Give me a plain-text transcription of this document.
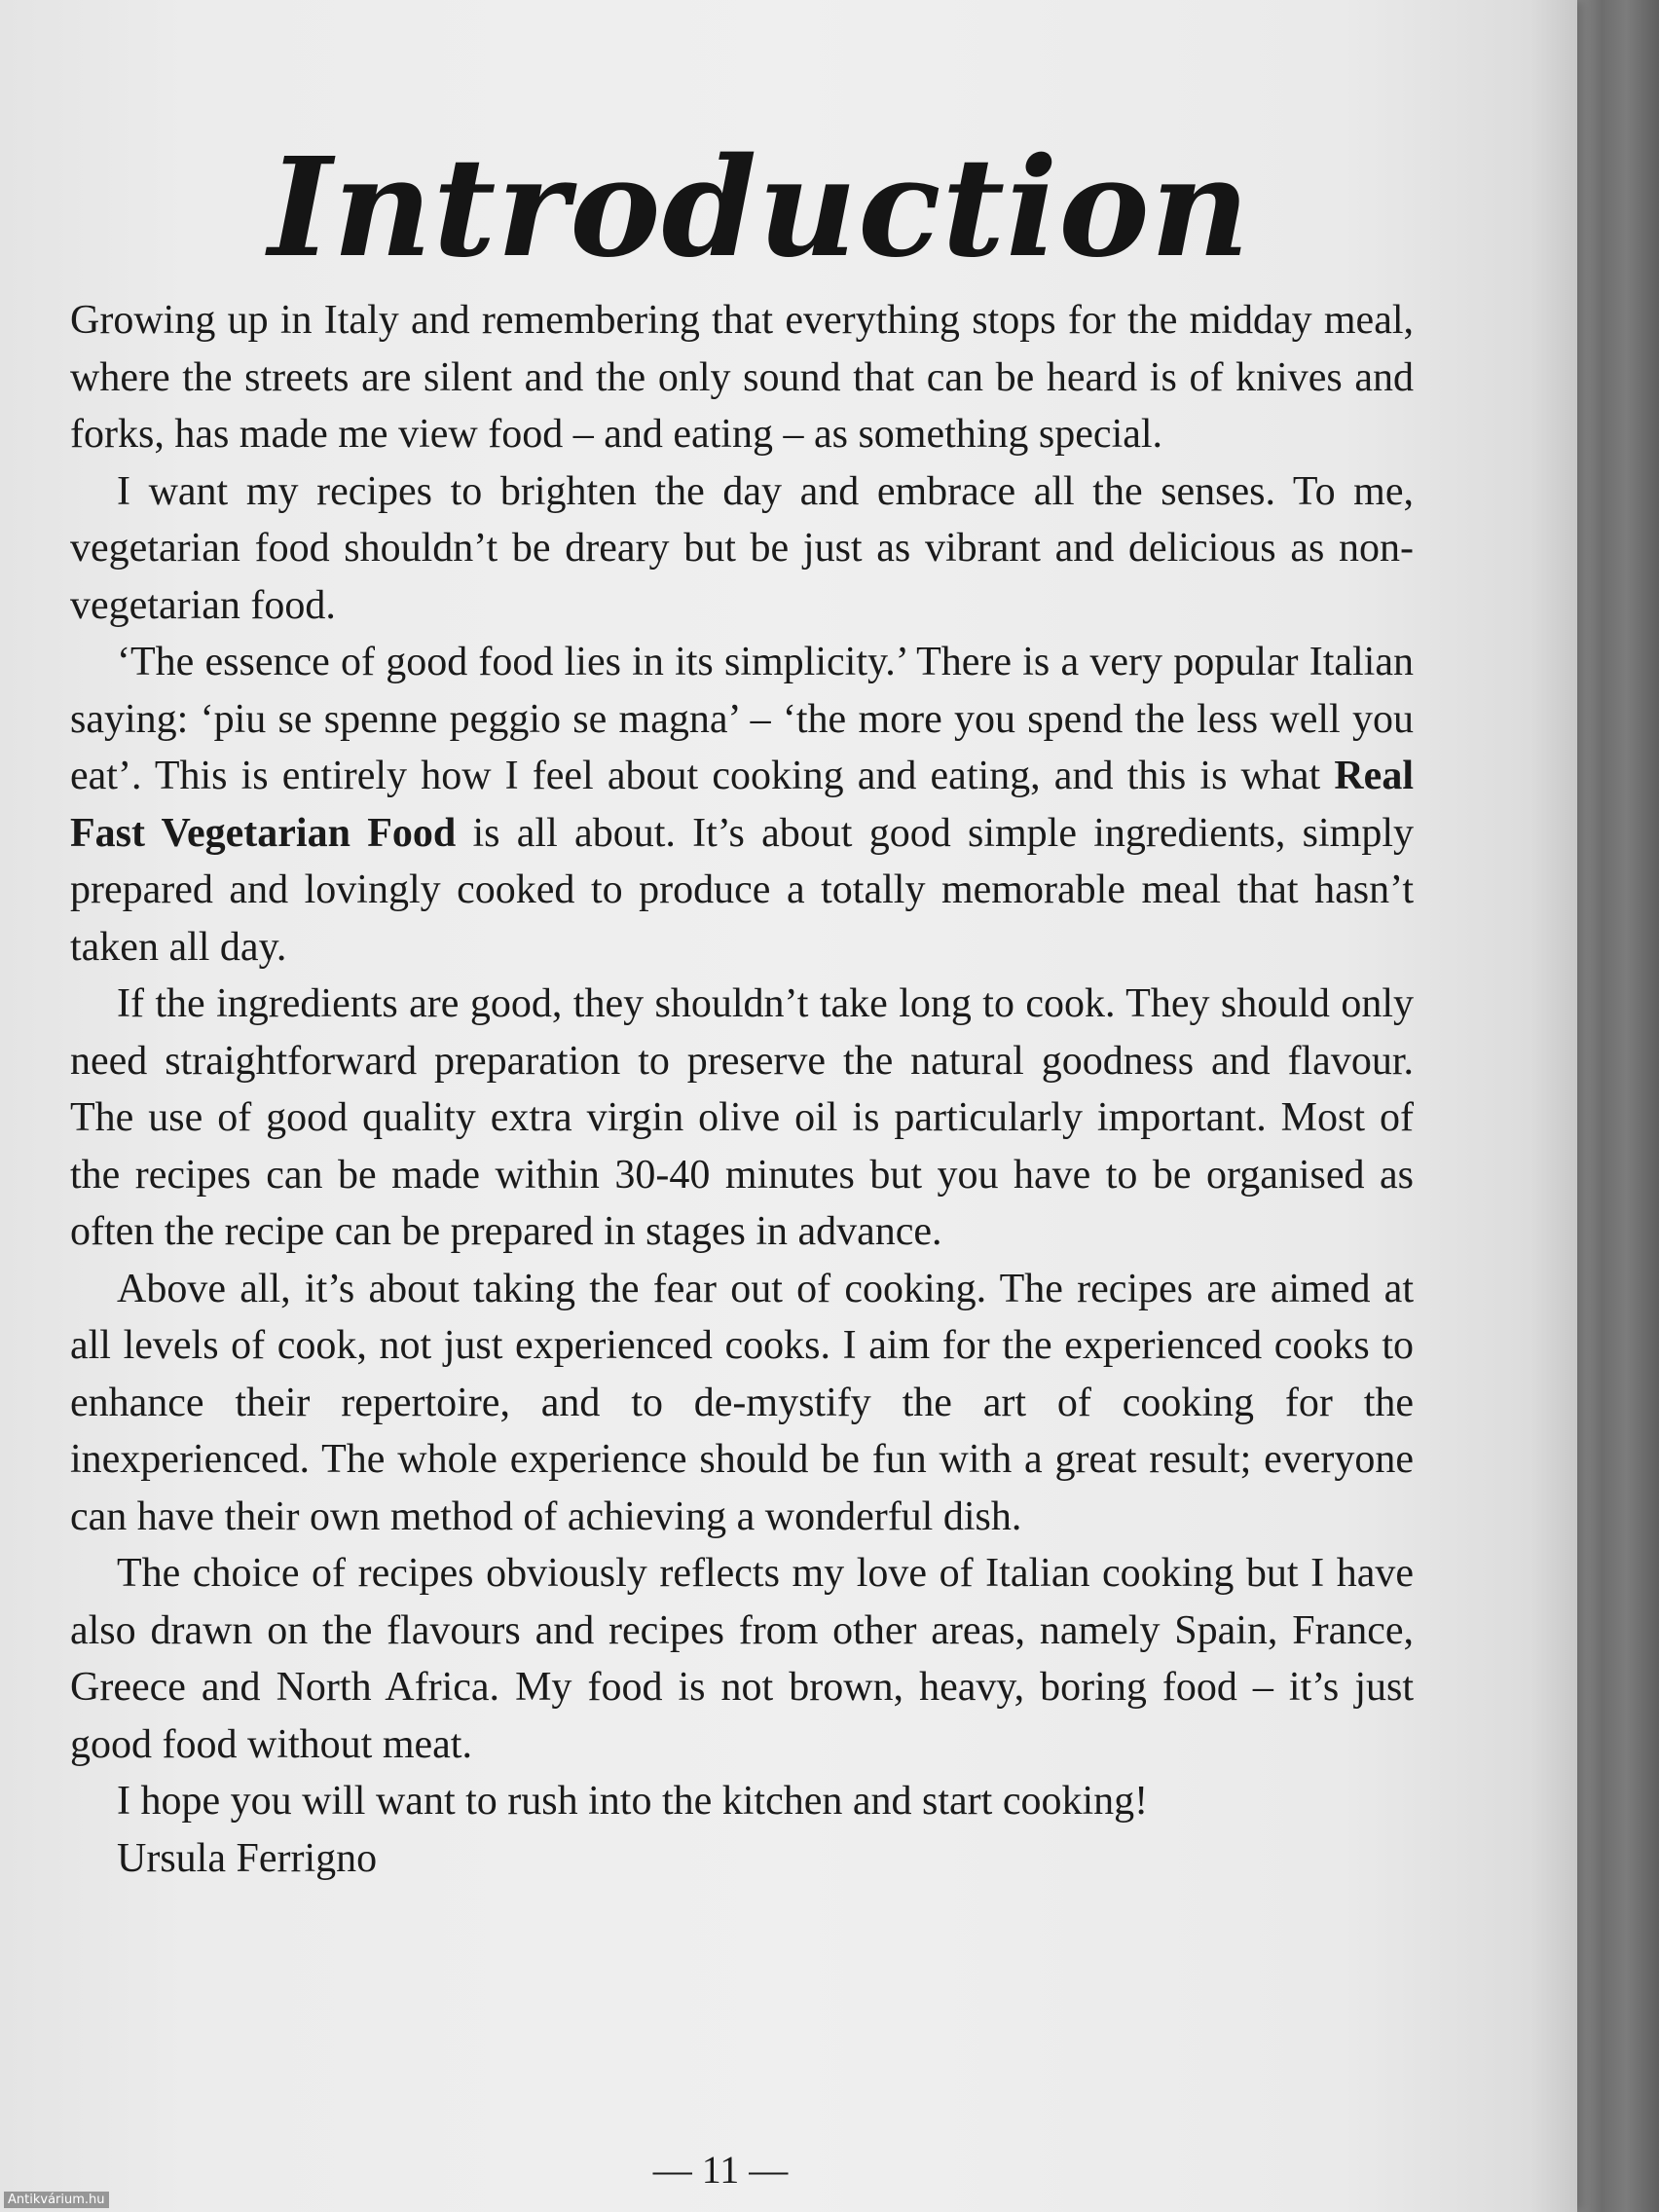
Introduction

Growing up in Italy and remembering that everything stops for the midday meal, where the streets are silent and the only sound that can be heard is of knives and forks, has made me view food – and eating – as something special.

I want my recipes to brighten the day and embrace all the senses. To me, vegetarian food shouldn’t be dreary but be just as vibrant and delicious as non-vegetarian food.

‘The essence of good food lies in its simplicity.’ There is a very popular Italian saying: ‘piu se spenne peggio se magna’ – ‘the more you spend the less well you eat’. This is entirely how I feel about cooking and eating, and this is what Real Fast Vegetarian Food is all about. It’s about good simple ingredients, simply prepared and lovingly cooked to produce a totally memorable meal that hasn’t taken all day.

If the ingredients are good, they shouldn’t take long to cook. They should only need straightforward preparation to preserve the natural goodness and flavour. The use of good quality extra virgin olive oil is particularly important. Most of the recipes can be made within 30-40 minutes but you have to be organised as often the recipe can be prepared in stages in advance.

Above all, it’s about taking the fear out of cooking. The recipes are aimed at all levels of cook, not just experienced cooks. I aim for the experienced cooks to enhance their repertoire, and to de-mystify the art of cooking for the inexperienced. The whole experience should be fun with a great result; everyone can have their own method of achieving a wonderful dish.

The choice of recipes obviously reflects my love of Italian cooking but I have also drawn on the flavours and recipes from other areas, namely Spain, France, Greece and North Africa. My food is not brown, heavy, boring food – it’s just good food without meat.

I hope you will want to rush into the kitchen and start cooking!

Ursula Ferrigno

— 11 —
Antikvárium.hu
